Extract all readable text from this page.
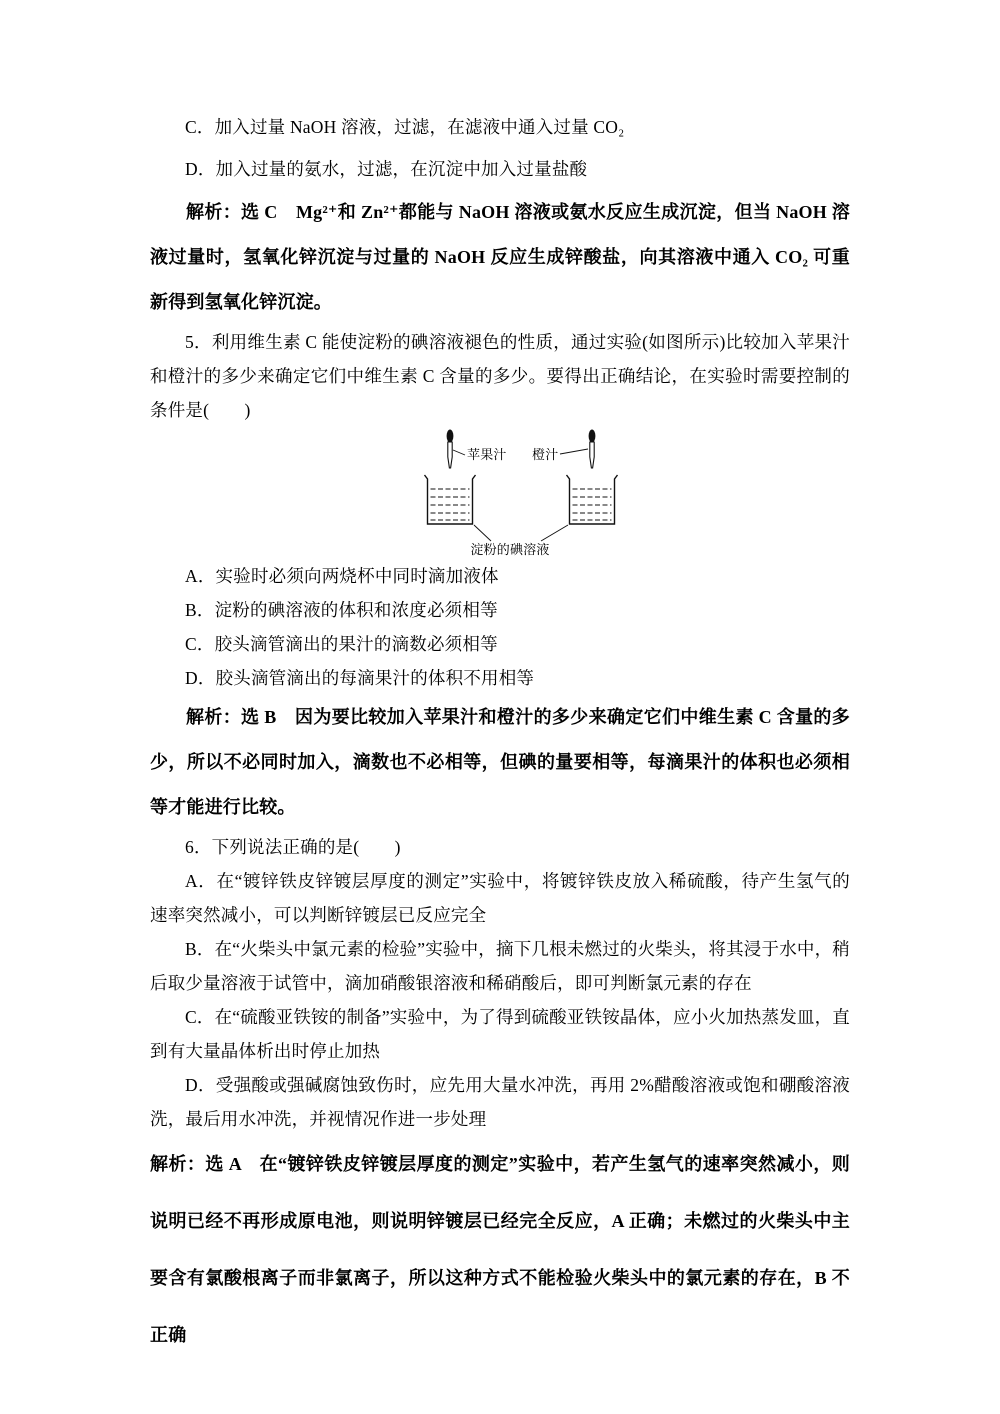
C．加入过量 NaOH 溶液，过滤，在滤液中通入过量 CO₂

D．加入过量的氨水，过滤，在沉淀中加入过量盐酸

解析：选 C　Mg²⁺和 Zn²⁺都能与 NaOH 溶液或氨水反应生成沉淀，但当 NaOH 溶液过量时，氢氧化锌沉淀与过量的 NaOH 反应生成锌酸盐，向其溶液中通入 CO₂ 可重新得到氢氧化锌沉淀。

5．利用维生素 C 能使淀粉的碘溶液褪色的性质，通过实验(如图所示)比较加入苹果汁和橙汁的多少来确定它们中维生素 C 含量的多少。要得出正确结论，在实验时需要控制的条件是(　　)

苹果汁 橙汁
淀粉的碘溶液

A．实验时必须向两烧杯中同时滴加液体

B．淀粉的碘溶液的体积和浓度必须相等

C．胶头滴管滴出的果汁的滴数必须相等

D．胶头滴管滴出的每滴果汁的体积不用相等

解析：选 B　因为要比较加入苹果汁和橙汁的多少来确定它们中维生素 C 含量的多少，所以不必同时加入，滴数也不必相等，但碘的量要相等，每滴果汁的体积也必须相等才能进行比较。

6．下列说法正确的是(　　)

A．在“镀锌铁皮锌镀层厚度的测定”实验中，将镀锌铁皮放入稀硫酸，待产生氢气的速率突然减小，可以判断锌镀层已反应完全

B．在“火柴头中氯元素的检验”实验中，摘下几根未燃过的火柴头，将其浸于水中，稍后取少量溶液于试管中，滴加硝酸银溶液和稀硝酸后，即可判断氯元素的存在

C．在“硫酸亚铁铵的制备”实验中，为了得到硫酸亚铁铵晶体，应小火加热蒸发皿，直到有大量晶体析出时停止加热

D．受强酸或强碱腐蚀致伤时，应先用大量水冲洗，再用 2%醋酸溶液或饱和硼酸溶液洗，最后用水冲洗，并视情况作进一步处理

解析：选 A　在“镀锌铁皮锌镀层厚度的测定”实验中，若产生氢气的速率突然减小，则说明已经不再形成原电池，则说明锌镀层已经完全反应，A 正确；未燃过的火柴头中主要含有氯酸根离子而非氯离子，所以这种方式不能检验火柴头中的氯元素的存在，B 不正确
